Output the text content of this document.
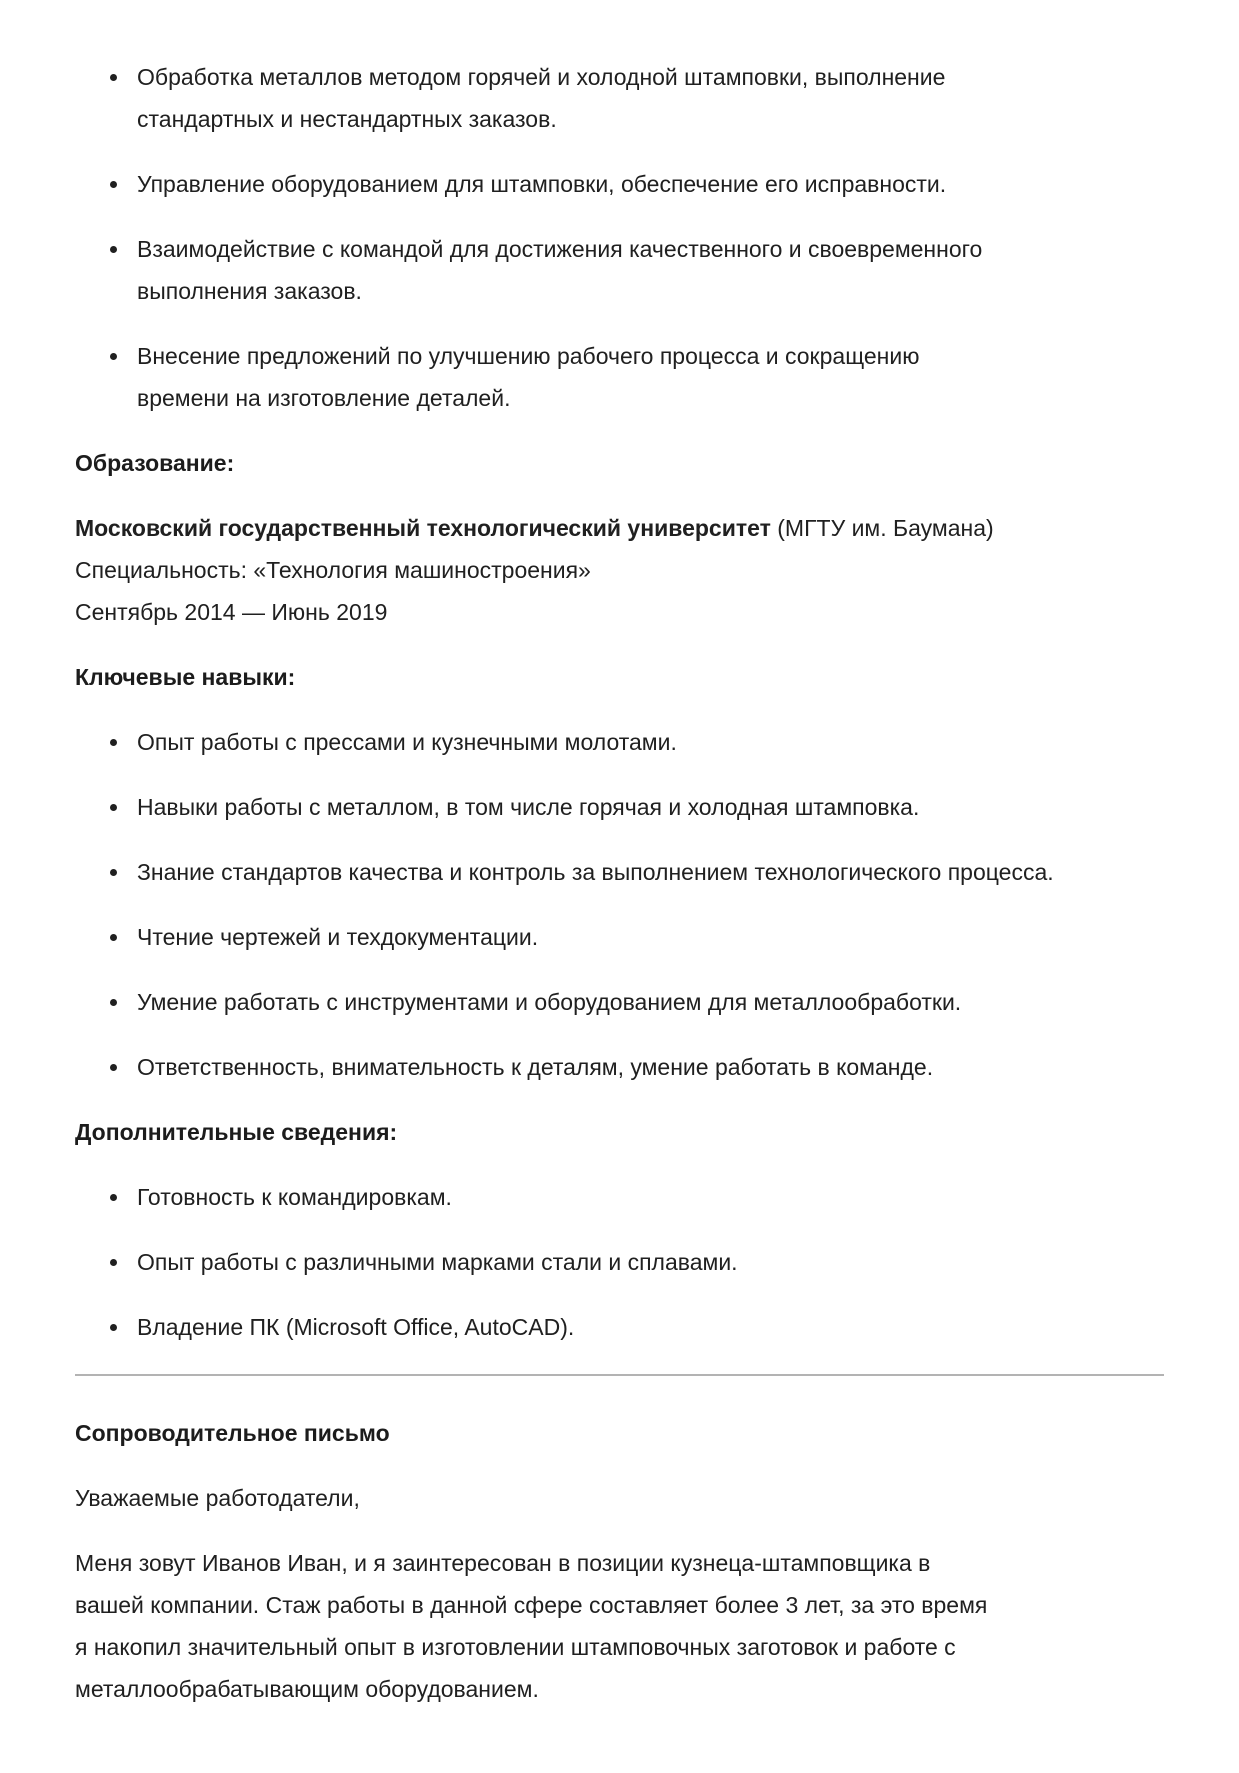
• Обработка металлов методом горячей и холодной штамповки, выполнение стандартных и нестандартных заказов.
• Управление оборудованием для штамповки, обеспечение его исправности.
• Взаимодействие с командой для достижения качественного и своевременного выполнения заказов.
• Внесение предложений по улучшению рабочего процесса и сокращению времени на изготовление деталей.
Образование:

Московский государственный технологический университет (МГТУ им. Баумана)
Специальность: «Технология машиностроения»
Сентябрь 2014 — Июнь 2019

Ключевые навыки:
• Опыт работы с прессами и кузнечными молотами.
• Навыки работы с металлом, в том числе горячая и холодная штамповка.
• Знание стандартов качества и контроль за выполнением технологического процесса.
• Чтение чертежей и техдокументации.
• Умение работать с инструментами и оборудованием для металлообработки.
• Ответственность, внимательность к деталям, умение работать в команде.
Дополнительные сведения:
• Готовность к командировкам.
• Опыт работы с различными марками стали и сплавами.
• Владение ПК (Microsoft Office, AutoCAD).
Сопроводительное письмо

Уважаемые работодатели,

Меня зовут Иванов Иван, и я заинтересован в позиции кузнеца-штамповщика в вашей компании. Стаж работы в данной сфере составляет более 3 лет, за это время я накопил значительный опыт в изготовлении штамповочных заготовок и работе с металлообрабатывающим оборудованием.
